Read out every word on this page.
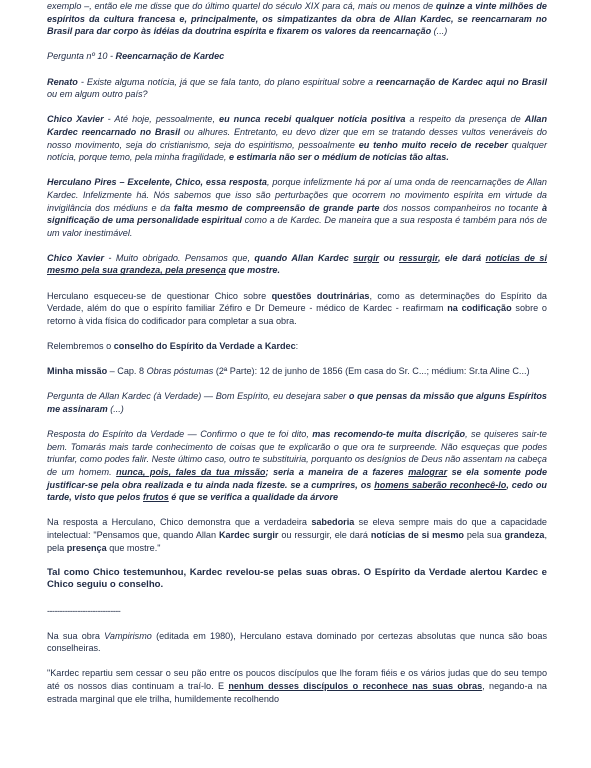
exemplo –, então ele me disse que do último quartel do século XIX para cá, mais ou menos de quinze a vinte milhões de espíritos da cultura francesa e, principalmente, os simpatizantes da obra de Allan Kardec, se reencarnaram no Brasil para dar corpo às idéias da doutrina espírita e fixarem os valores da reencarnação (...)

Pergunta nº 10 - Reencarnação de Kardec

Renato - Existe alguma notícia, já que se fala tanto, do plano espiritual sobre a reencarnação de Kardec aqui no Brasil ou em algum outro país?

Chico Xavier - Até hoje, pessoalmente, eu nunca recebi qualquer notícia positiva a respeito da presença de Allan Kardec reencarnado no Brasil ou alhures. Entretanto, eu devo dizer que em se tratando desses vultos veneráveis do nosso movimento, seja do cristianismo, seja do espiritismo, pessoalmente eu tenho muito receio de receber qualquer notícia, porque temo, pela minha fragilidade, e estimaria não ser o médium de notícias tão altas.

Herculano Pires – Excelente, Chico, essa resposta, porque infelizmente há por aí uma onda de reencarnações de Allan Kardec. Infelizmente há. Nós sabemos que isso são perturbações que ocorrem no movimento espírita em virtude da invigilância dos médiuns e da falta mesmo de compreensão de grande parte dos nossos companheiros no tocante à significação de uma personalidade espiritual como a de Kardec. De maneira que a sua resposta é também para nós de um valor inestimável.

Chico Xavier - Muito obrigado. Pensamos que, quando Allan Kardec surgir ou ressurgir, ele dará notícias de si mesmo pela sua grandeza, pela presença que mostre.

Herculano esqueceu-se de questionar Chico sobre questões doutrinárias, como as determinações do Espírito da Verdade, além do que o espírito familiar Zéfiro e Dr Demeure - médico de Kardec - reafirmam na codificação sobre o retorno à vida física do codificador para completar a sua obra.

Relembremos o conselho do Espírito da Verdade a Kardec:

Minha missão – Cap. 8 Obras póstumas (2ª Parte): 12 de junho de 1856 (Em casa do Sr. C...; médium: Sr.ta Aline C...)

Pergunta de Allan Kardec (à Verdade) — Bom Espírito, eu desejara saber o que pensas da missão que alguns Espíritos me assinaram (...)

Resposta do Espírito da Verdade — Confirmo o que te foi dito, mas recomendo-te muita discrição, se quiseres sair-te bem. Tomarás mais tarde conhecimento de coisas que te explicarão o que ora te surpreende. Não esqueças que podes triunfar, como podes falir. Neste último caso, outro te substituiria, porquanto os desígnios de Deus não assentam na cabeça de um homem. nunca, pois, fales da tua missão; seria a maneira de a fazeres malograr se ela somente pode justificar-se pela obra realizada e tu ainda nada fizeste. se a cumprires, os homens saberão reconhecê-lo, cedo ou tarde, visto que pelos frutos é que se verifica a qualidade da árvore

Na resposta a Herculano, Chico demonstra que a verdadeira sabedoria se eleva sempre mais do que a capacidade intelectual: "Pensamos que, quando Allan Kardec surgir ou ressurgir, ele dará notícias de si mesmo pela sua grandeza, pela presença que mostre."

Tal como Chico testemunhou, Kardec revelou-se pelas suas obras. O Espírito da Verdade alertou Kardec e Chico seguiu o conselho.

-----------------------------

Na sua obra Vampirismo (editada em 1980), Herculano estava dominado por certezas absolutas que nunca são boas conselheiras.

"Kardec repartiu sem cessar o seu pão entre os poucos discípulos que lhe foram fiéis e os vários judas que do seu tempo até os nossos dias continuam a traí-lo. E nenhum desses discípulos o reconhece nas suas obras, negando-a na estrada marginal que ele trilha, humildemente recolhendo
